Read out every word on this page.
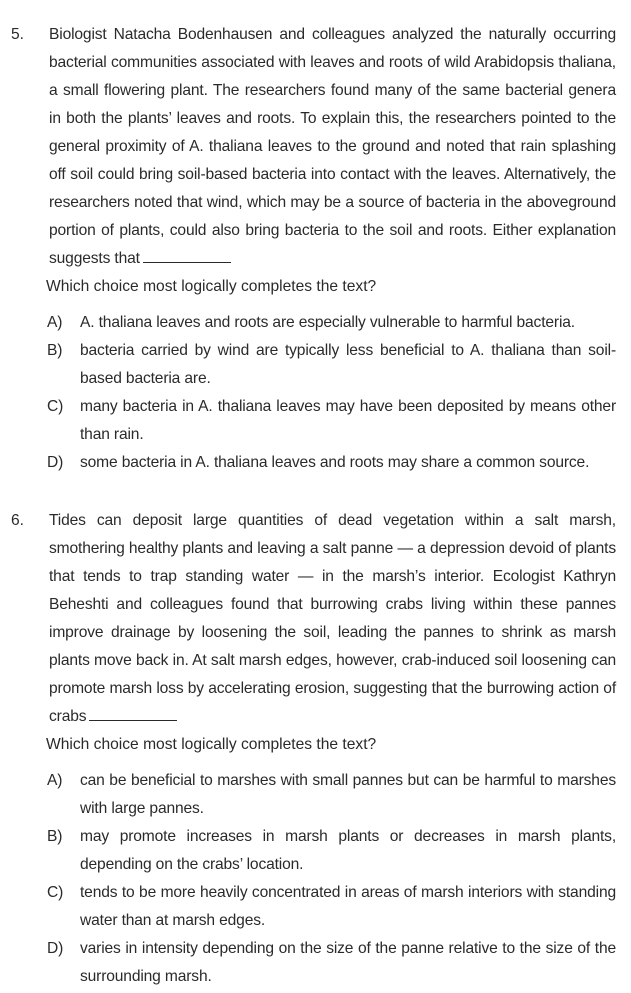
5. Biologist Natacha Bodenhausen and colleagues analyzed the naturally occurring bacterial communities associated with leaves and roots of wild Arabidopsis thaliana, a small flowering plant. The researchers found many of the same bacterial genera in both the plants’ leaves and roots. To explain this, the researchers pointed to the general proximity of A. thaliana leaves to the ground and noted that rain splashing off soil could bring soil-based bacteria into contact with the leaves. Alternatively, the researchers noted that wind, which may be a source of bacteria in the aboveground portion of plants, could also bring bacteria to the soil and roots. Either explanation suggests that
Which choice most logically completes the text?
A) A. thaliana leaves and roots are especially vulnerable to harmful bacteria.
B) bacteria carried by wind are typically less beneficial to A. thaliana than soil-based bacteria are.
C) many bacteria in A. thaliana leaves may have been deposited by means other than rain.
D) some bacteria in A. thaliana leaves and roots may share a common source.
6. Tides can deposit large quantities of dead vegetation within a salt marsh, smothering healthy plants and leaving a salt panne — a depression devoid of plants that tends to trap standing water — in the marsh’s interior. Ecologist Kathryn Beheshti and colleagues found that burrowing crabs living within these pannes improve drainage by loosening the soil, leading the pannes to shrink as marsh plants move back in. At salt marsh edges, however, crab-induced soil loosening can promote marsh loss by accelerating erosion, suggesting that the burrowing action of crabs
Which choice most logically completes the text?
A) can be beneficial to marshes with small pannes but can be harmful to marshes with large pannes.
B) may promote increases in marsh plants or decreases in marsh plants, depending on the crabs’ location.
C) tends to be more heavily concentrated in areas of marsh interiors with standing water than at marsh edges.
D) varies in intensity depending on the size of the panne relative to the size of the surrounding marsh.
